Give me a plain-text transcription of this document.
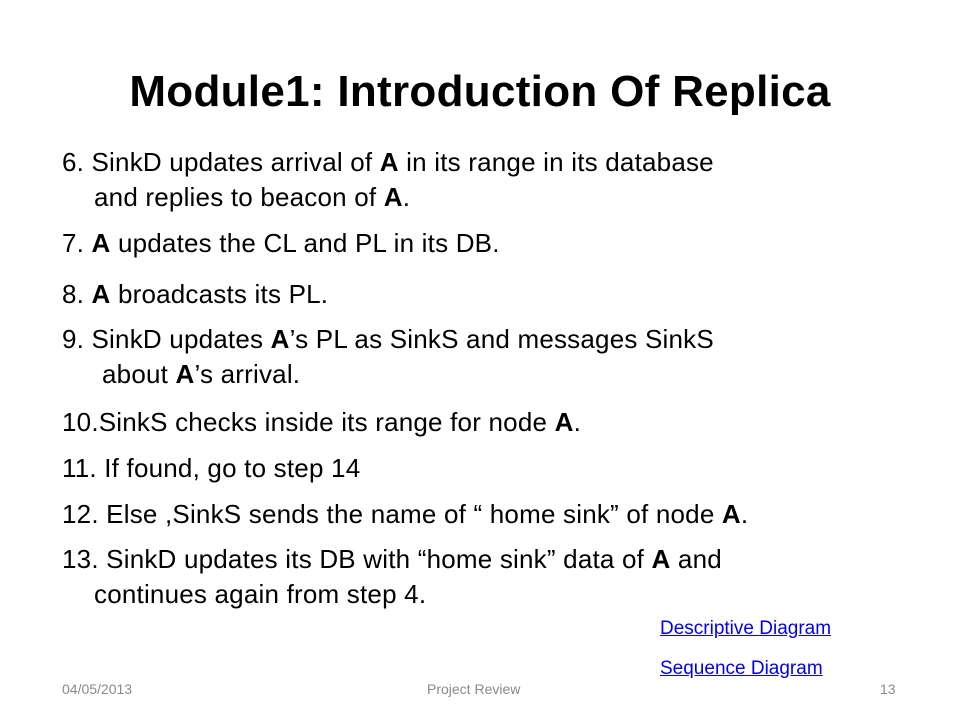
Module1: Introduction Of Replica
6. SinkD updates arrival of A in its range in its database
and replies to beacon of A.
7. A updates the CL and PL in its DB.
8. A broadcasts its PL.
9. SinkD updates A’s PL as SinkS and messages SinkS
about A’s arrival.
10.SinkS checks inside its range for node A.
11. If found, go to step 14
12. Else ,SinkS sends the name of “ home sink” of node A.
13. SinkD updates its DB with “home sink” data of A and
continues again from step 4.
Descriptive Diagram
Sequence Diagram
04/05/2013	Project Review	13
